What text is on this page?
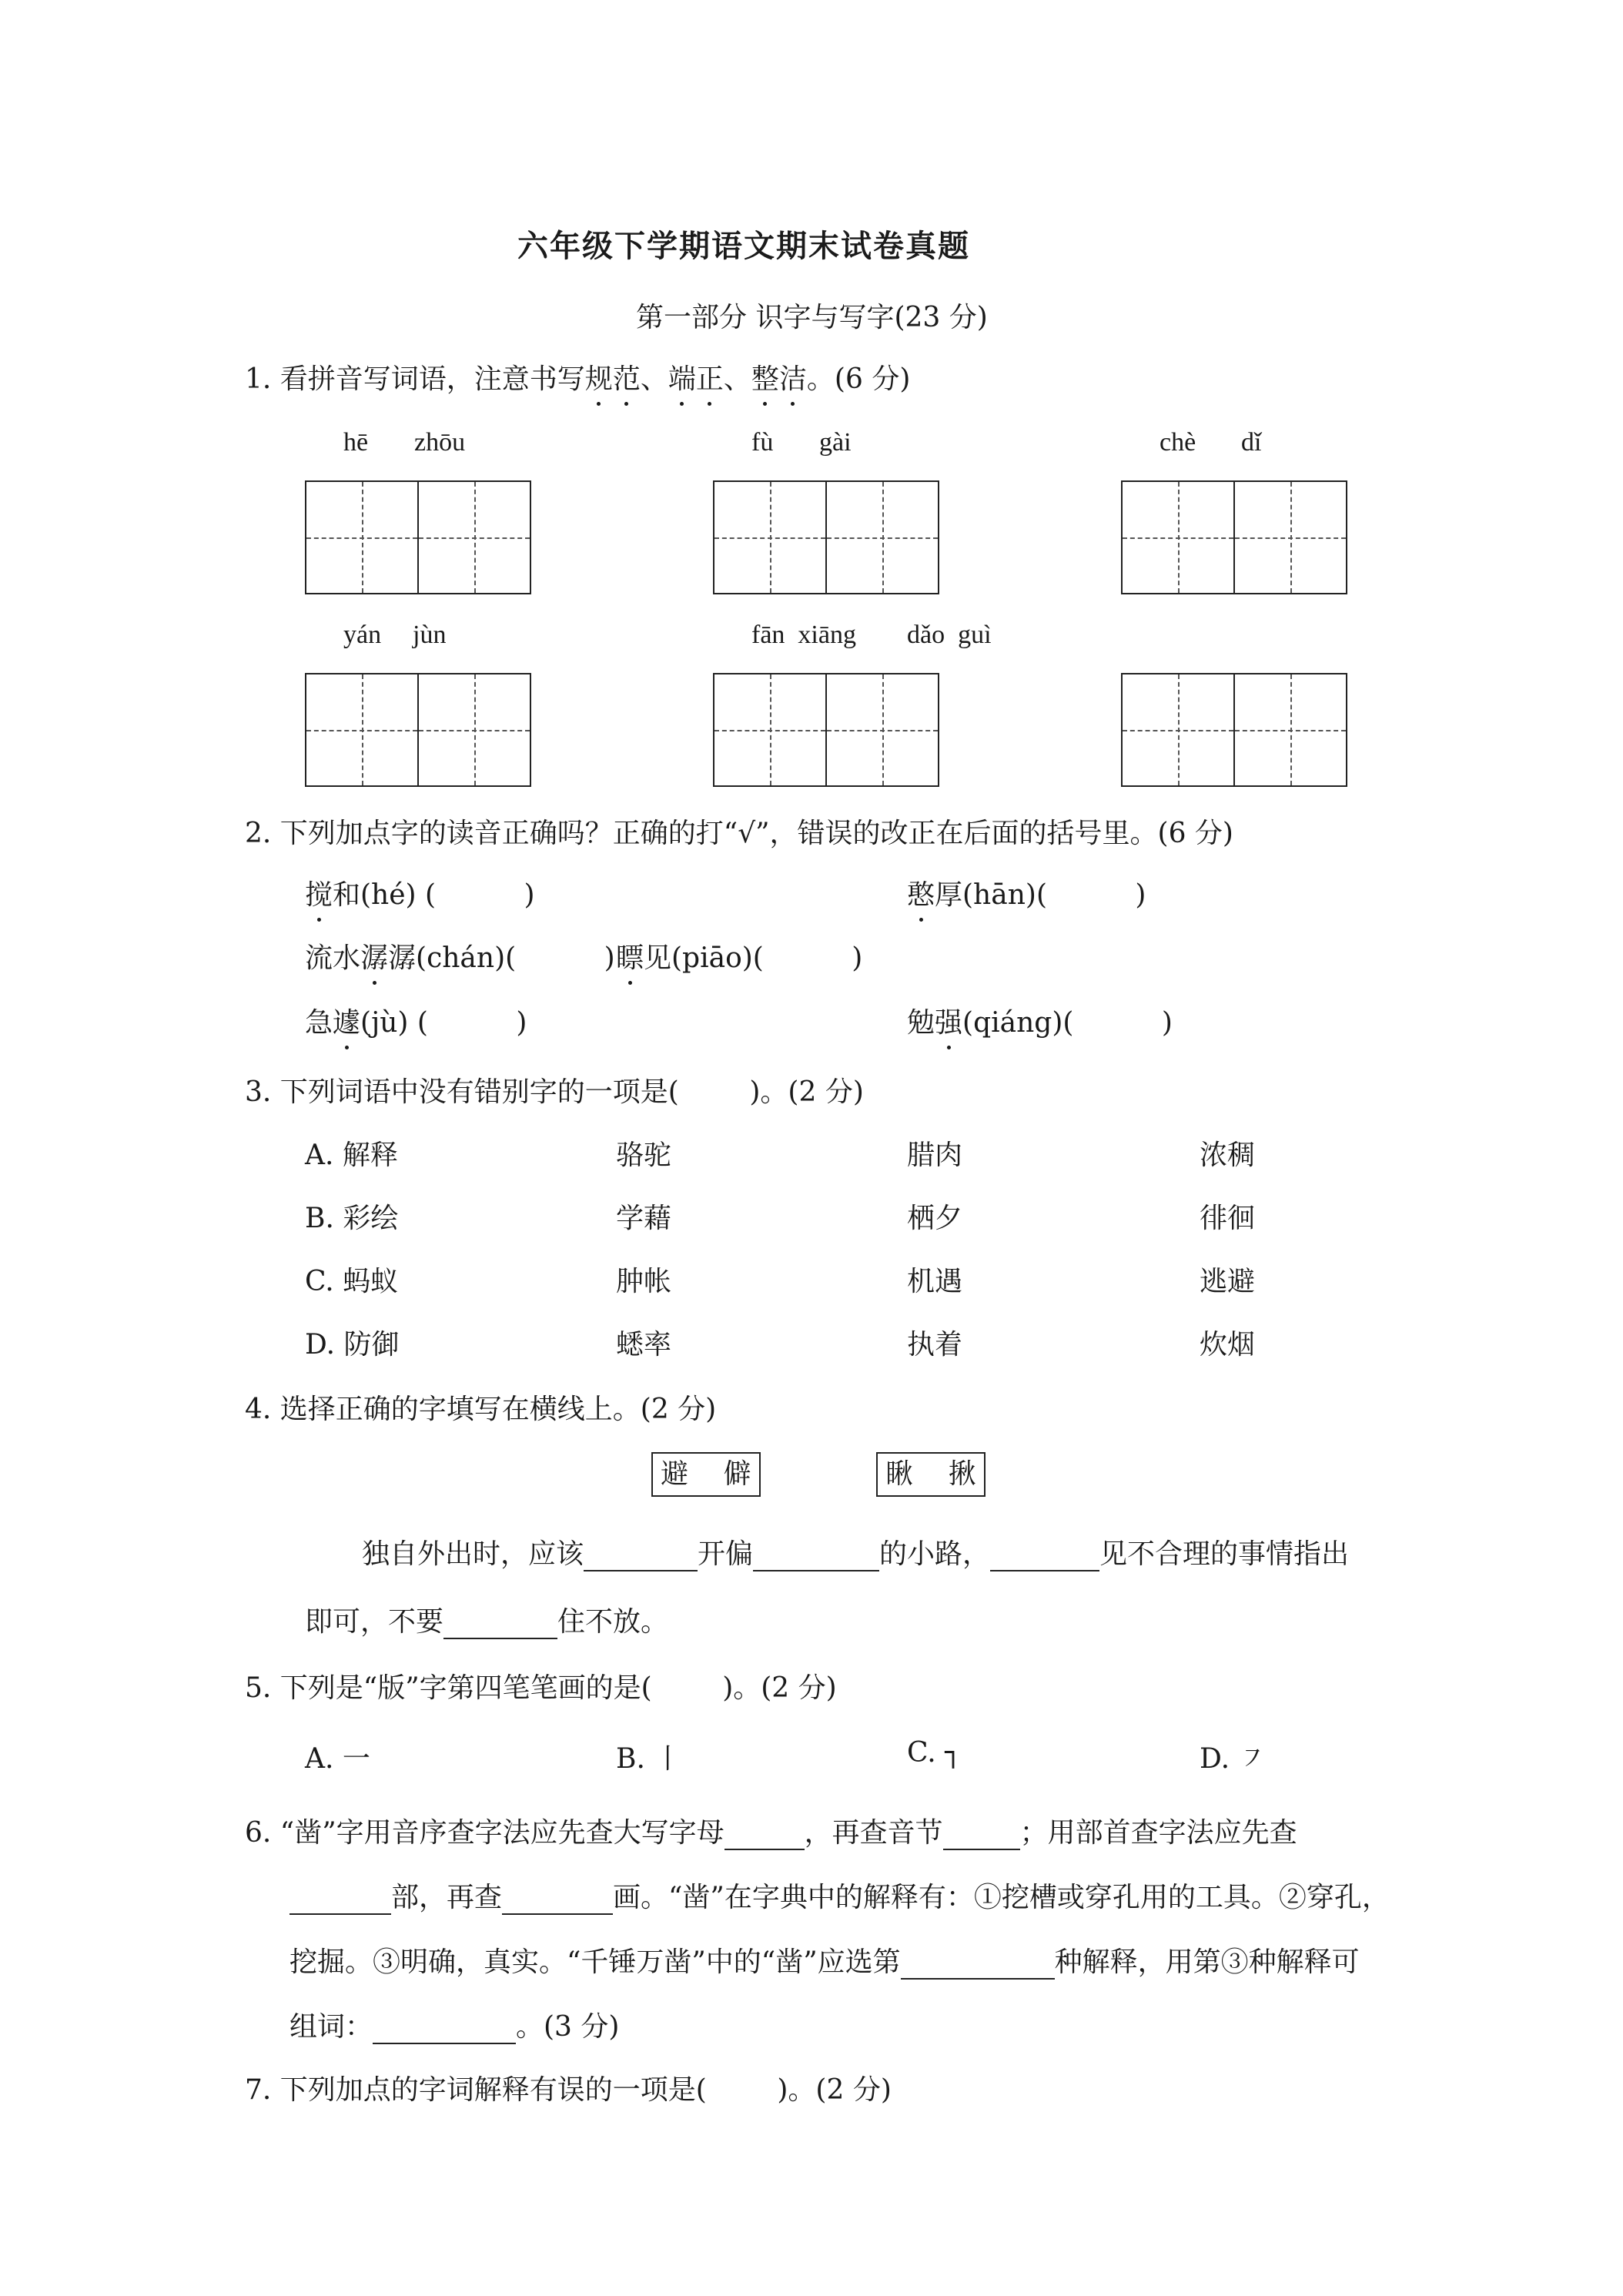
六年级下学期语文期末试卷真题
第一部分 识字与写字(23 分)
1. 看拼音写词语，注意书写规范、端正、整洁。(6 分)
hē zhōu	fù gài	chè dǐ
yán jùn	fān  xiāng dǎo  guì
2. 下列加点字的读音正确吗？正确的打“√”，错误的改正在后面的括号里。(6 分)
搅和(hé) (          )	憨厚(hān)(          )
流水潺潺(chán)(          ) 瞟见(piāo)(          )
急遽(jù) (          )	勉强(qiáng)(          )
3. 下列词语中没有错别字的一项是(        )。(2 分)
A. 解释	骆驼	腊肉	浓稠
B. 彩绘	学藉	栖夕	徘徊
C. 蚂蚁	肿帐	机遇	逃避
D. 防御	蟋率	执着	炊烟
4. 选择正确的字填写在横线上。(2 分)
避    僻	瞅    揪
独自外出时，应该	开偏	的小路，	见不合理的事情指出
即可，不要	住不放。
5. 下列是“版”字第四笔笔画的是(        )。(2 分)
A. 一	B. 丨	C. ┐	D. ㇇
6. “凿”字用音序查字法应先查大写字母	，再查音节	；用部首查字法应先查
部，再查	画。“凿”在字典中的解释有：①挖槽或穿孔用的工具。②穿孔，
挖掘。③明确，真实。“千锤万凿”中的“凿”应选第	种解释，用第③种解释可
组词：	。(3 分)
7. 下列加点的字词解释有误的一项是(        )。(2 分)
